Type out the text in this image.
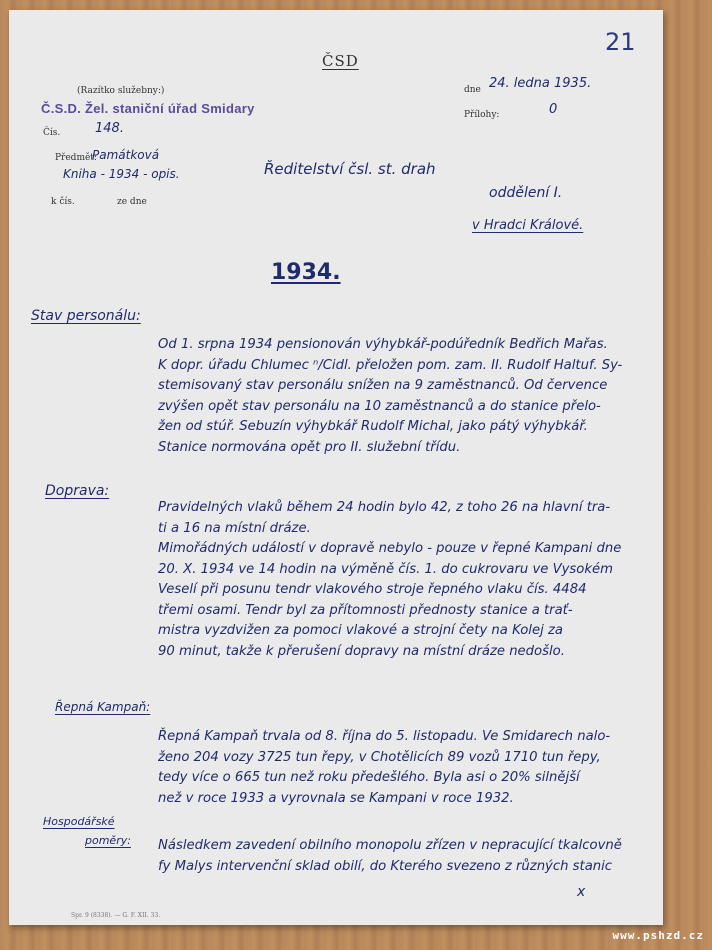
ČSD
21
(Razítko služebny:)
Č.S.D. Žel. staniční úřad Smidary
Čís.	148.
Předmět:
Památková
Kniha - 1934 - opis.
k čís.	ze dne
dne 24. ledna 1935.
Přílohy:	0
Ředitelství čsl. st. drah
oddělení I.
v Hradci Králové.
1934.
Stav personálu:
Od 1. srpna 1934 pensionován výhybkář-podúředník Bedřich Mařas.
K dopr. úřadu Chlumec ⁿ/Cidl. přeložen pom. zam. II. Rudolf Haltuf. Sy-
stemisovaný stav personálu snížen na 9 zaměstnanců. Od července
zvýšen opět stav personálu na 10 zaměstnanců a do stanice přelo-
žen od stúř. Sebuzín výhybkář Rudolf Michal, jako pátý výhybkář.
Stanice normována opět pro II. služební třídu.
Doprava:
Pravidelných vlaků během 24 hodin bylo 42, z toho 26 na hlavní tra-
ti a 16 na místní dráze.
Mimořádných událostí v dopravě nebylo - pouze v řepné Kampani dne
20. X. 1934 ve 14 hodin na výměně čís. 1. do cukrovaru ve Vysokém
Veselí při posunu tendr vlakového stroje řepného vlaku čís. 4484
třemi osami. Tendr byl za přítomnosti přednosty stanice a trať-
mistra vyzdvižen za pomoci vlakové a strojní čety na Kolej za
90 minut, takže k přerušení dopravy na místní dráze nedošlo.
Řepná Kampaň:
Řepná Kampaň trvala od 8. října do 5. listopadu. Ve Smidarech nalo-
ženo 204 vozy 3725 tun řepy, v Chotělicích 89 vozů 1710 tun řepy,
tedy více o 665 tun než roku předešlého. Byla asi o 20% silnější
než v roce 1933 a vyrovnala se Kampani v roce 1932.
Hospodářské
poměry: Následkem zavedení obilního monopolu zřízen v nepracující tkalcovně
fy Malys intervenční sklad obilí, do Kterého svezeno z různých stanic
Spr. 9 (8338). — G. F. XII. 33.
x
www.pshzd.cz
